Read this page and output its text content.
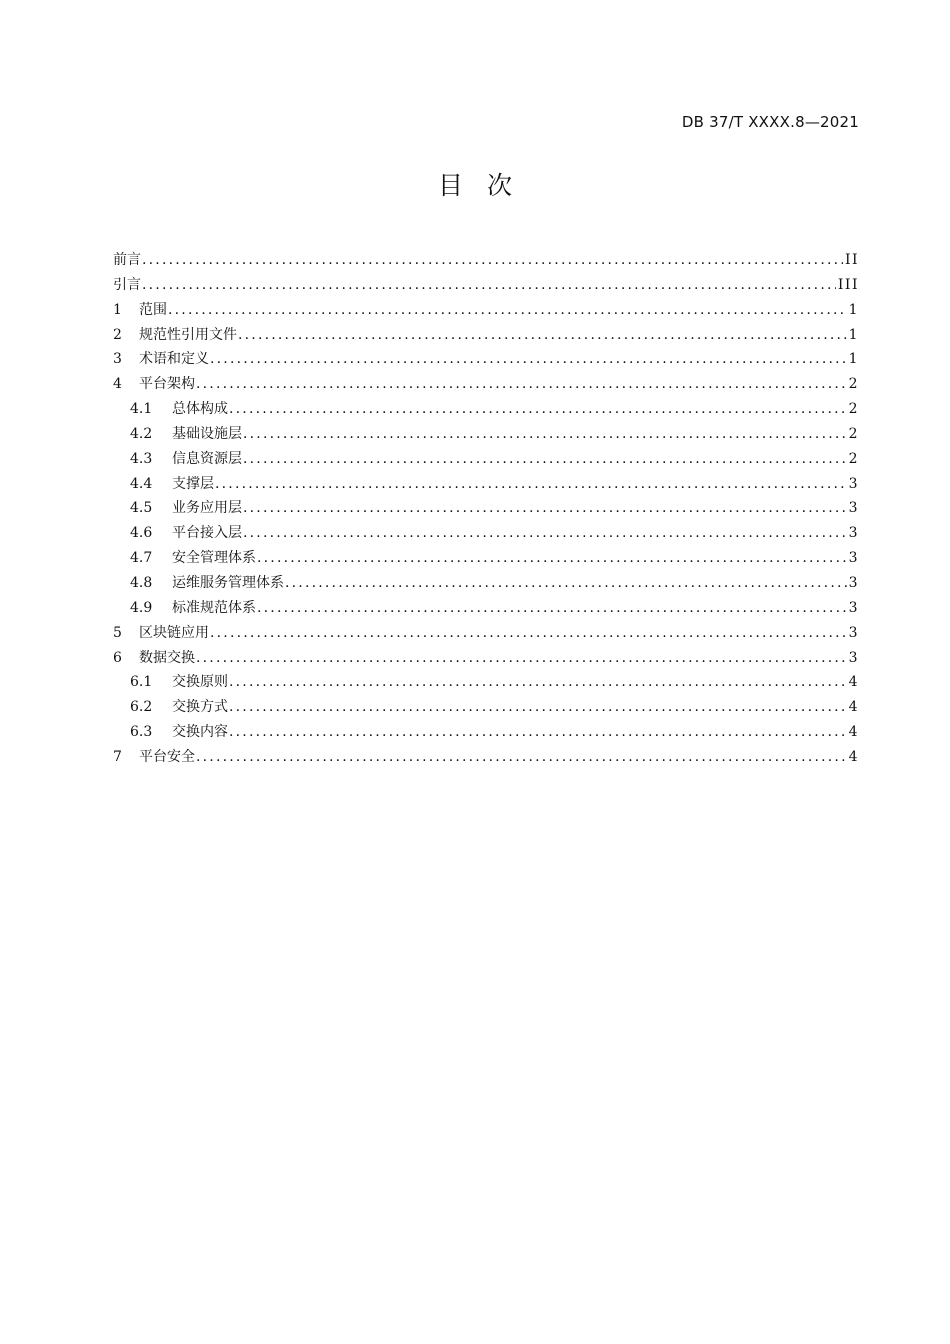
DB 37/T XXXX.8—2021
目 次
前言 .....	II
引言 .....	III
1	范围 .....	1
2	规范性引用文件 .....	1
3	术语和定义 .....	1
4	平台架构 .....	2
4.1	总体构成 .....	2
4.2	基础设施层 .....	2
4.3	信息资源层 .....	2
4.4	支撑层 .....	3
4.5	业务应用层 .....	3
4.6	平台接入层 .....	3
4.7	安全管理体系 .....	3
4.8	运维服务管理体系 .....	3
4.9	标准规范体系 .....	3
5	区块链应用 .....	3
6	数据交换 .....	3
6.1	交换原则 .....	4
6.2	交换方式 .....	4
6.3	交换内容 .....	4
7	平台安全 .....	4
